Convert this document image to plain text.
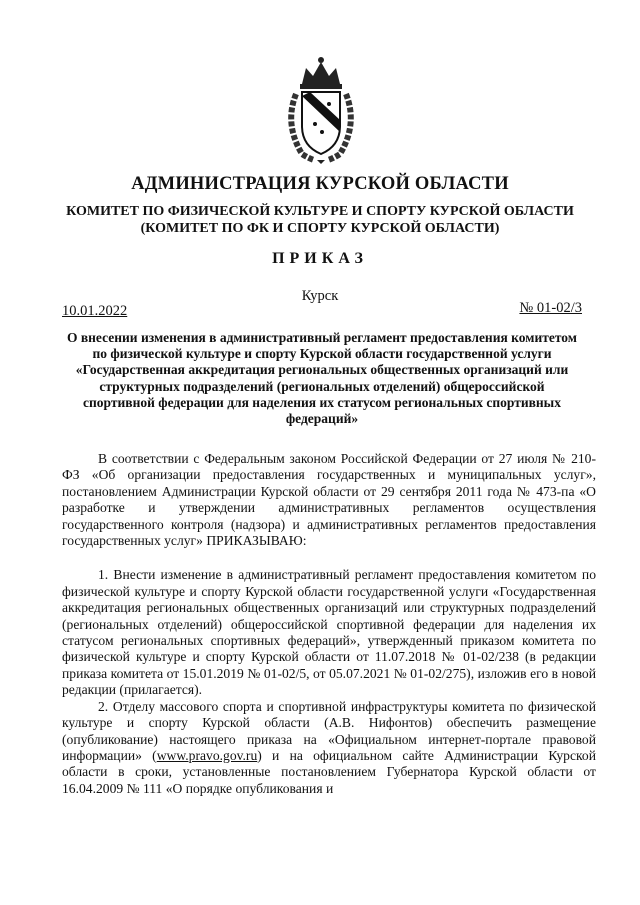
АДМИНИСТРАЦИЯ КУРСКОЙ ОБЛАСТИ
КОМИТЕТ ПО ФИЗИЧЕСКОЙ КУЛЬТУРЕ И СПОРТУ КУРСКОЙ ОБЛАСТИ
(КОМИТЕТ ПО ФК И СПОРТУ КУРСКОЙ ОБЛАСТИ)
ПРИКАЗ
Курск
10.01.2022	№ 01-02/3
О внесении изменения в административный регламент предоставления комитетом по физической культуре и спорту Курской области государственной услуги «Государственная аккредитация региональных общественных организаций или структурных подразделений (региональных отделений) общероссийской спортивной федерации для наделения их статусом региональных спортивных федераций»

В соответствии с Федеральным законом Российской Федерации от 27 июля № 210-ФЗ «Об организации предоставления государственных и муниципальных услуг», постановлением Администрации Курской области от 29 сентября 2011 года № 473-па «О разработке и утверждении административных регламентов осуществления государственного контроля (надзора) и административных регламентов предоставления государственных услуг» ПРИКАЗЫВАЮ:

1. Внести изменение в административный регламент предоставления комитетом по физической культуре и спорту Курской области государственной услуги «Государственная аккредитация региональных общественных организаций или структурных подразделений (региональных отделений) общероссийской спортивной федерации для наделения их статусом региональных спортивных федераций», утвержденный приказом комитета по физической культуре и спорту Курской области от 11.07.2018 № 01-02/238 (в редакции приказа комитета от 15.01.2019 № 01-02/5, от 05.07.2021 № 01-02/275), изложив его в новой редакции (прилагается).

2. Отделу массового спорта и спортивной инфраструктуры комитета по физической культуре и спорту Курской области (А.В. Нифонтов) обеспечить размещение (опубликование) настоящего приказа на «Официальном интернет-портале правовой информации» (www.pravo.gov.ru) и на официальном сайте Администрации Курской области в сроки, установленные постановлением Губернатора Курской области от 16.04.2009 № 111 «О порядке опубликования и
